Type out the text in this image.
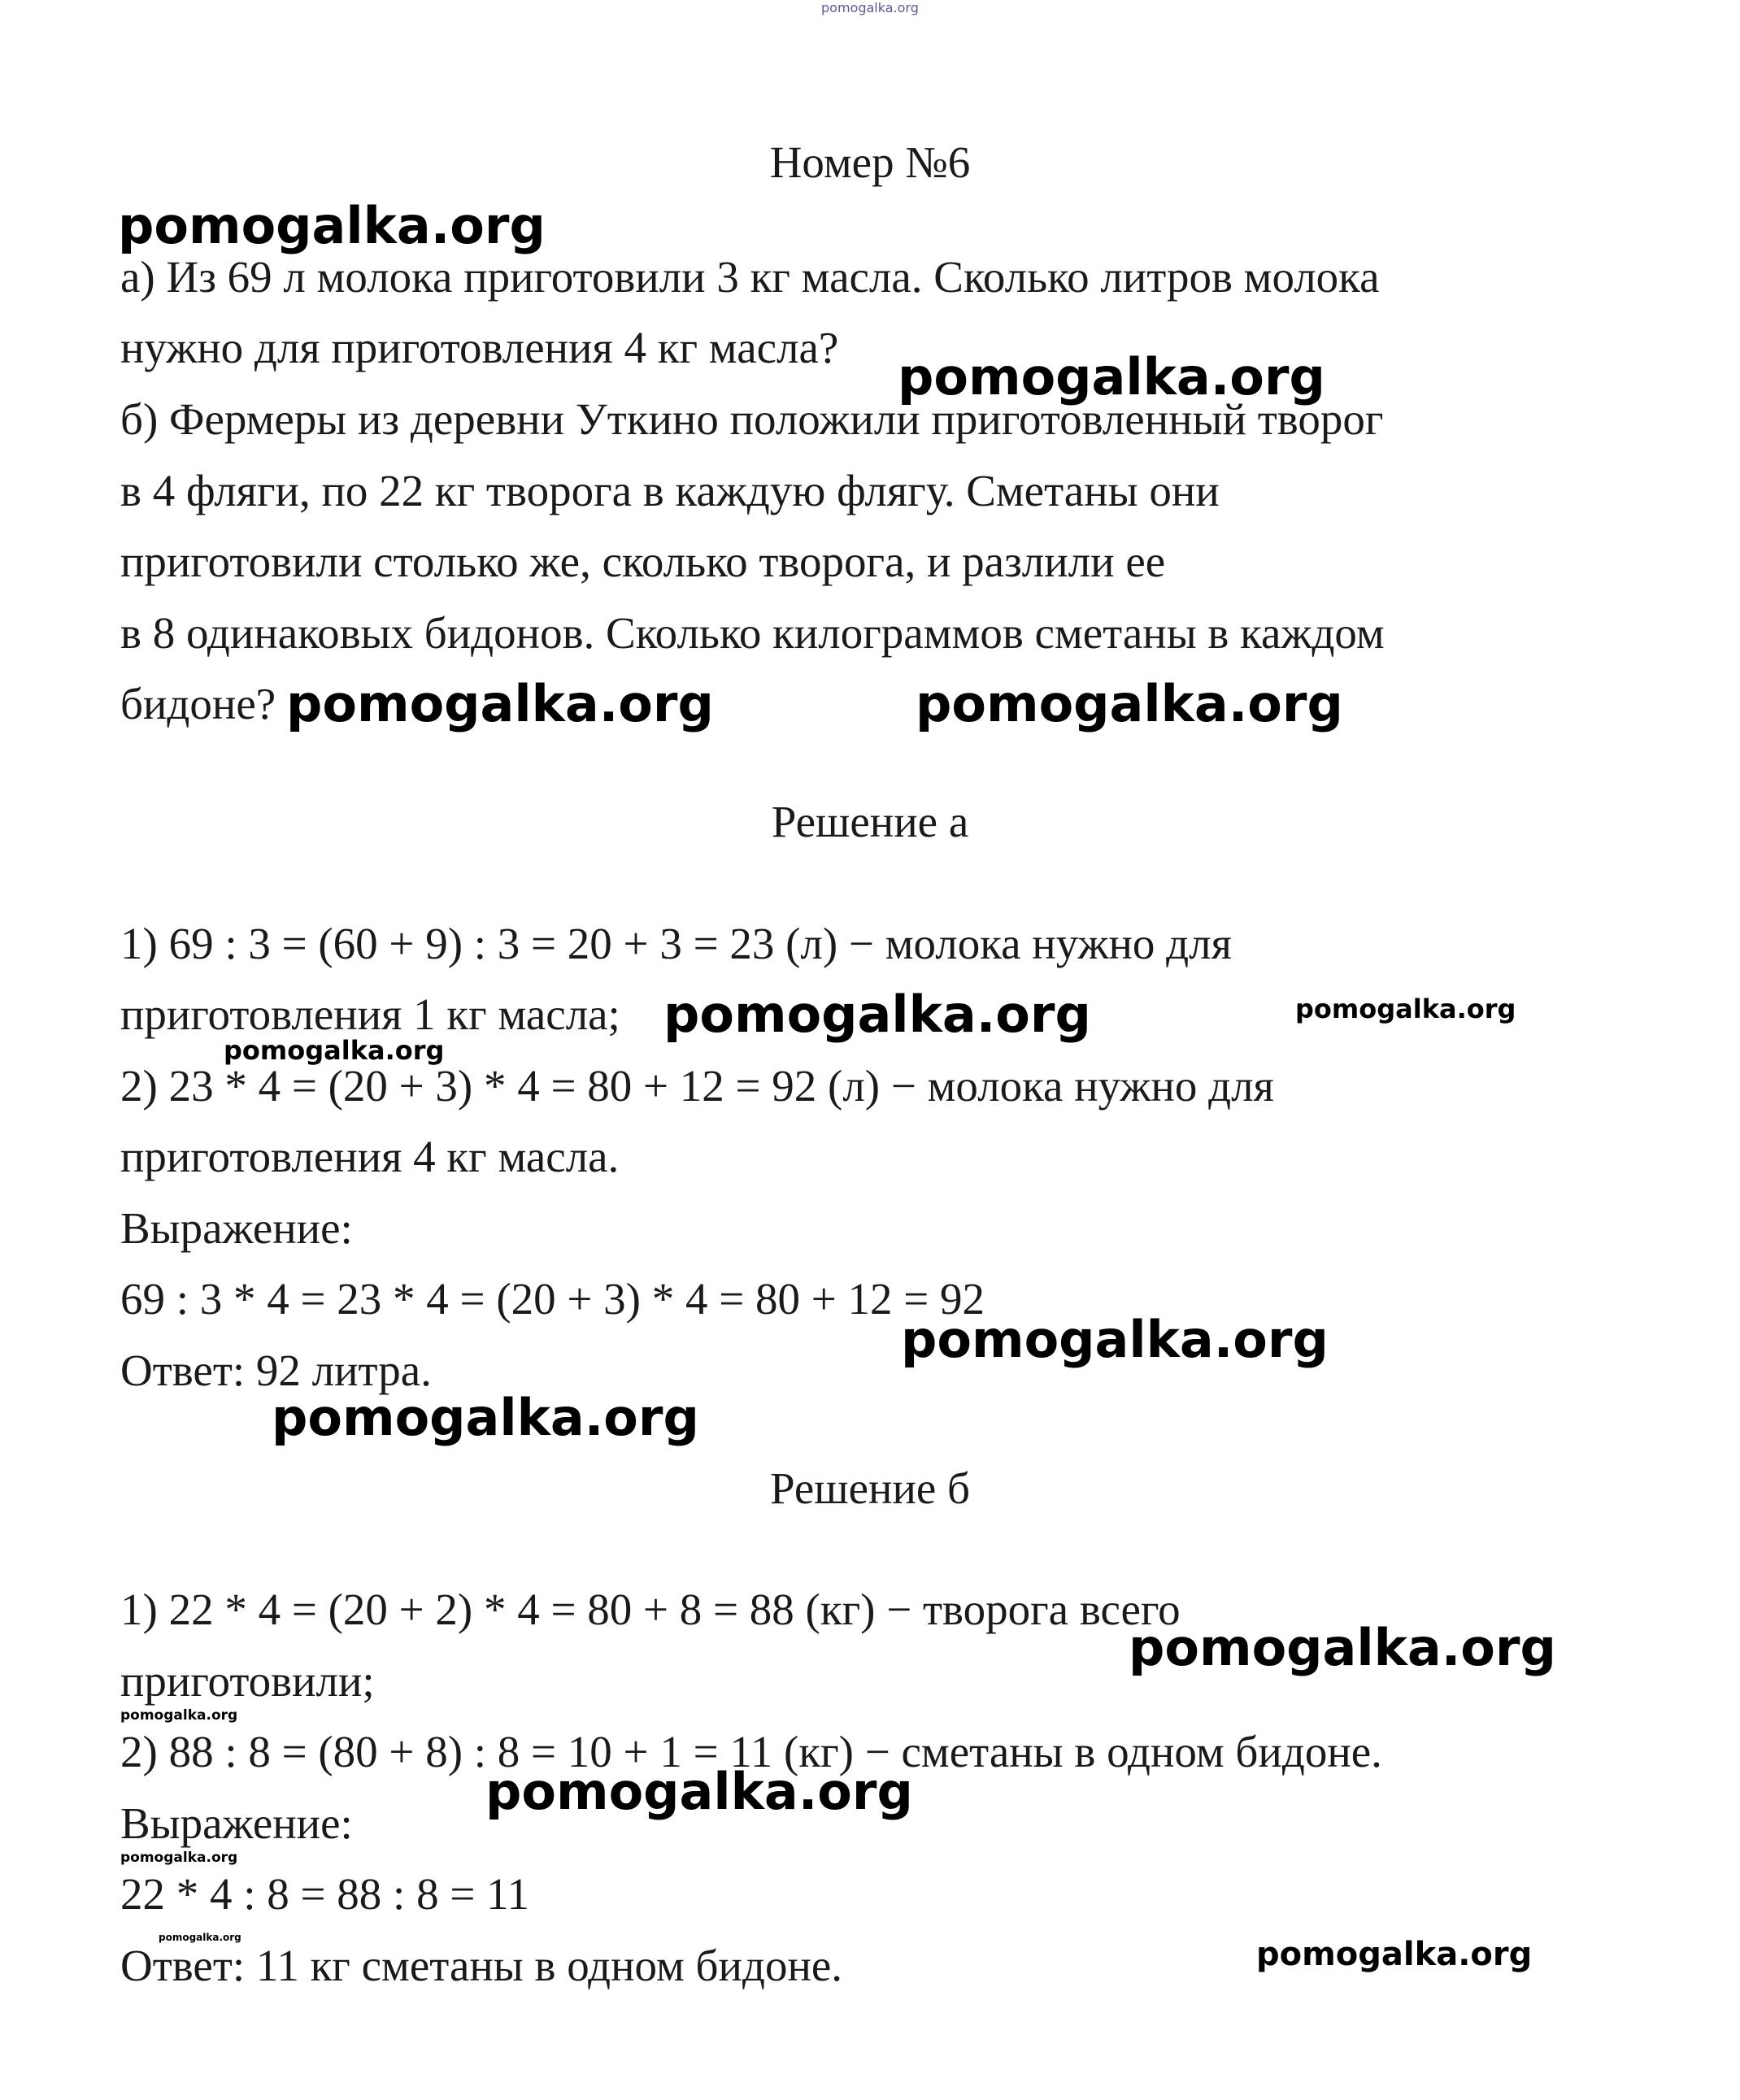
pomogalka.org
Номер №6
а) Из 69 л молока приготовили 3 кг масла. Сколько литров молока
нужно для приготовления 4 кг масла?
б) Фермеры из деревни Уткино положили приготовленный творог
в 4 фляги, по 22 кг творога в каждую флягу. Сметаны они
приготовили столько же, сколько творога, и разлили ее
в 8 одинаковых бидонов. Сколько килограммов сметаны в каждом
бидоне?
Решение а
1) 69 : 3 = (60 + 9) : 3 = 20 + 3 = 23 (л) − молока нужно для
приготовления 1 кг масла;
2) 23 * 4 = (20 + 3) * 4 = 80 + 12 = 92 (л) − молока нужно для
приготовления 4 кг масла.
Выражение:
69 : 3 * 4 = 23 * 4 = (20 + 3) * 4 = 80 + 12 = 92
Ответ: 92 литра.
Решение б
1) 22 * 4 = (20 + 2) * 4 = 80 + 8 = 88 (кг) − творога всего
приготовили;
2) 88 : 8 = (80 + 8) : 8 = 10 + 1 = 11 (кг) − сметаны в одном бидоне.
Выражение:
22 * 4 : 8 = 88 : 8 = 11
Ответ: 11 кг сметаны в одном бидоне.
pomogalka.org
pomogalka.org
pomogalka.org	pomogalka.org
pomogalka.org
pomogalka.org
pomogalka.org
pomogalka.org
pomogalka.org
pomogalka.org
pomogalka.org
pomogalka.org
pomogalka.org
pomogalka.org
pomogalka.org
